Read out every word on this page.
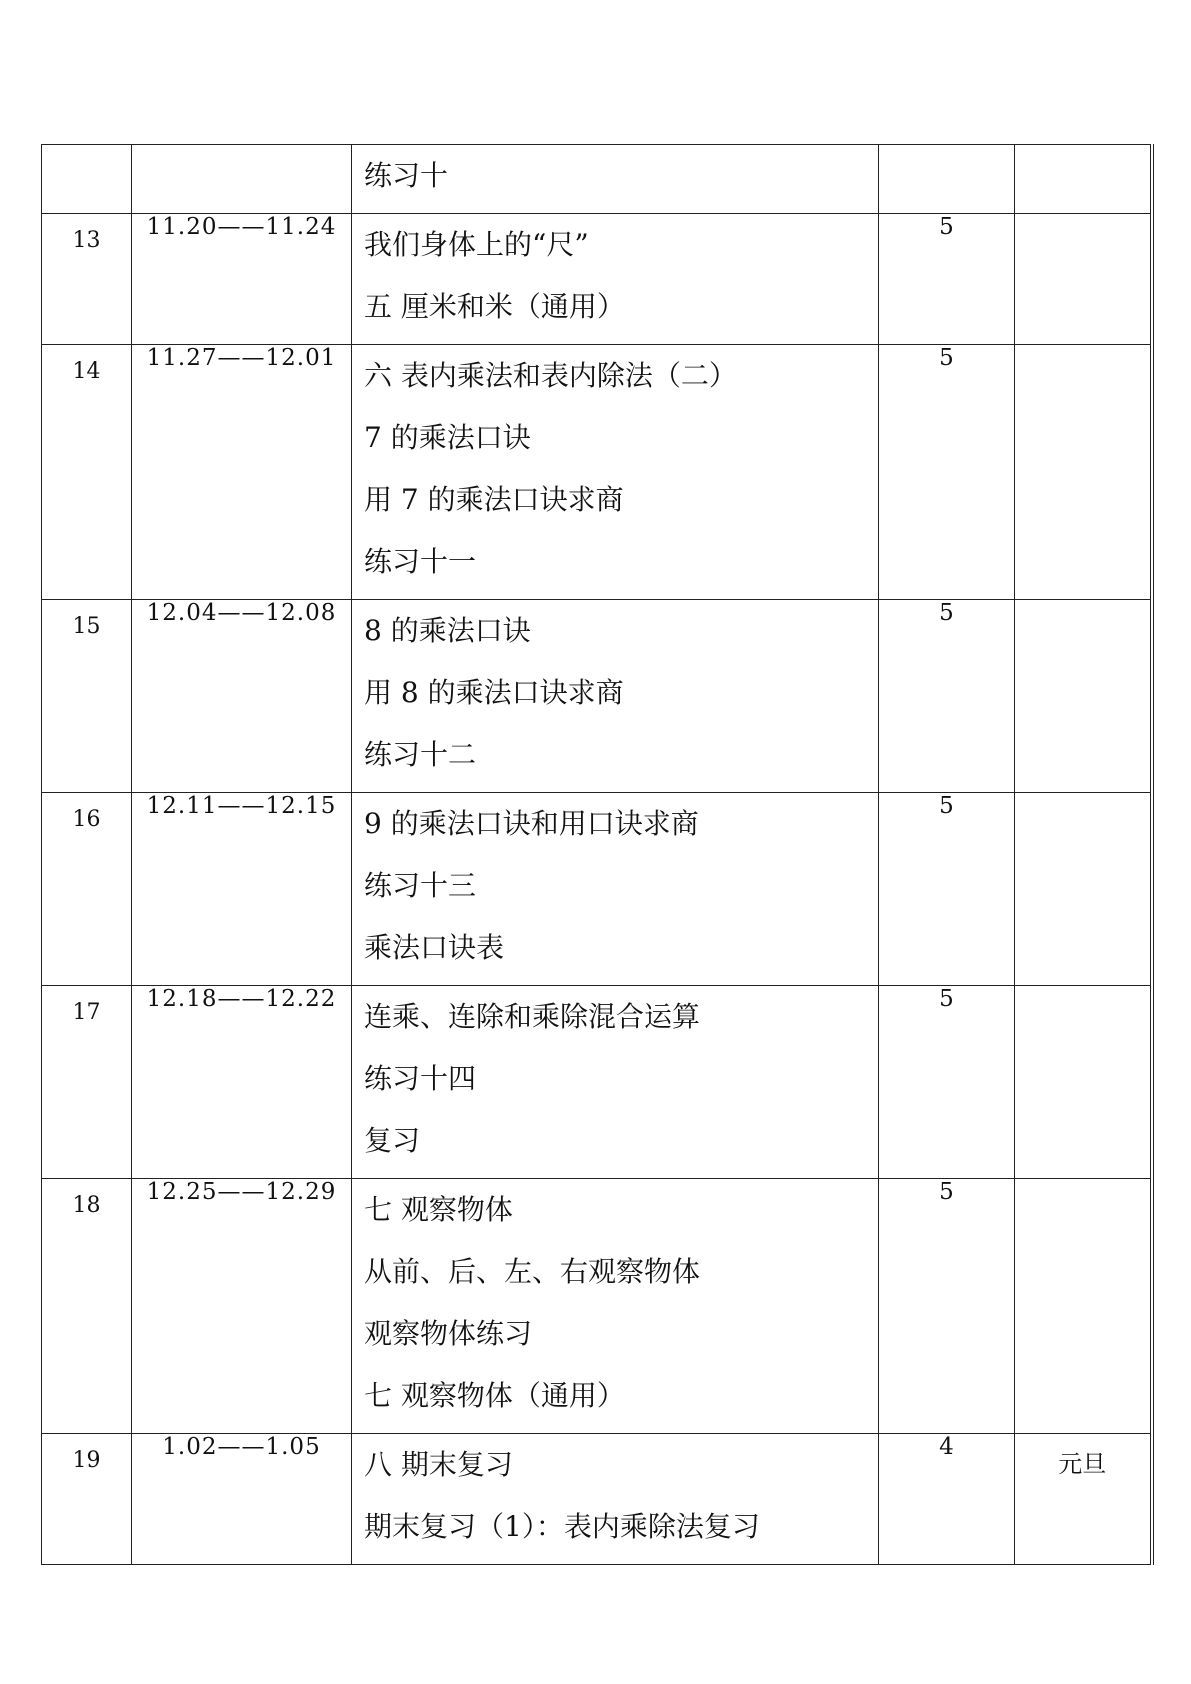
		练习十		

13	11.20——11.24	我们身体上的“尺”
五 厘米和米（通用）	5	
14	11.27——12.01	六 表内乘法和表内除法（二）
7 的乘法口诀
用 7 的乘法口诀求商
练习十一	5	
15	12.04——12.08	8 的乘法口诀
用 8 的乘法口诀求商
练习十二	5	
16	12.11——12.15	9 的乘法口诀和用口诀求商
练习十三
乘法口诀表	5	
17	12.18——12.22	连乘、连除和乘除混合运算
练习十四
复习	5	
18	12.25——12.29	七 观察物体
从前、后、左、右观察物体
观察物体练习
七 观察物体（通用）	5	
19	1.02——1.05	八 期末复习
期末复习（1）：表内乘除法复习	4	元旦
